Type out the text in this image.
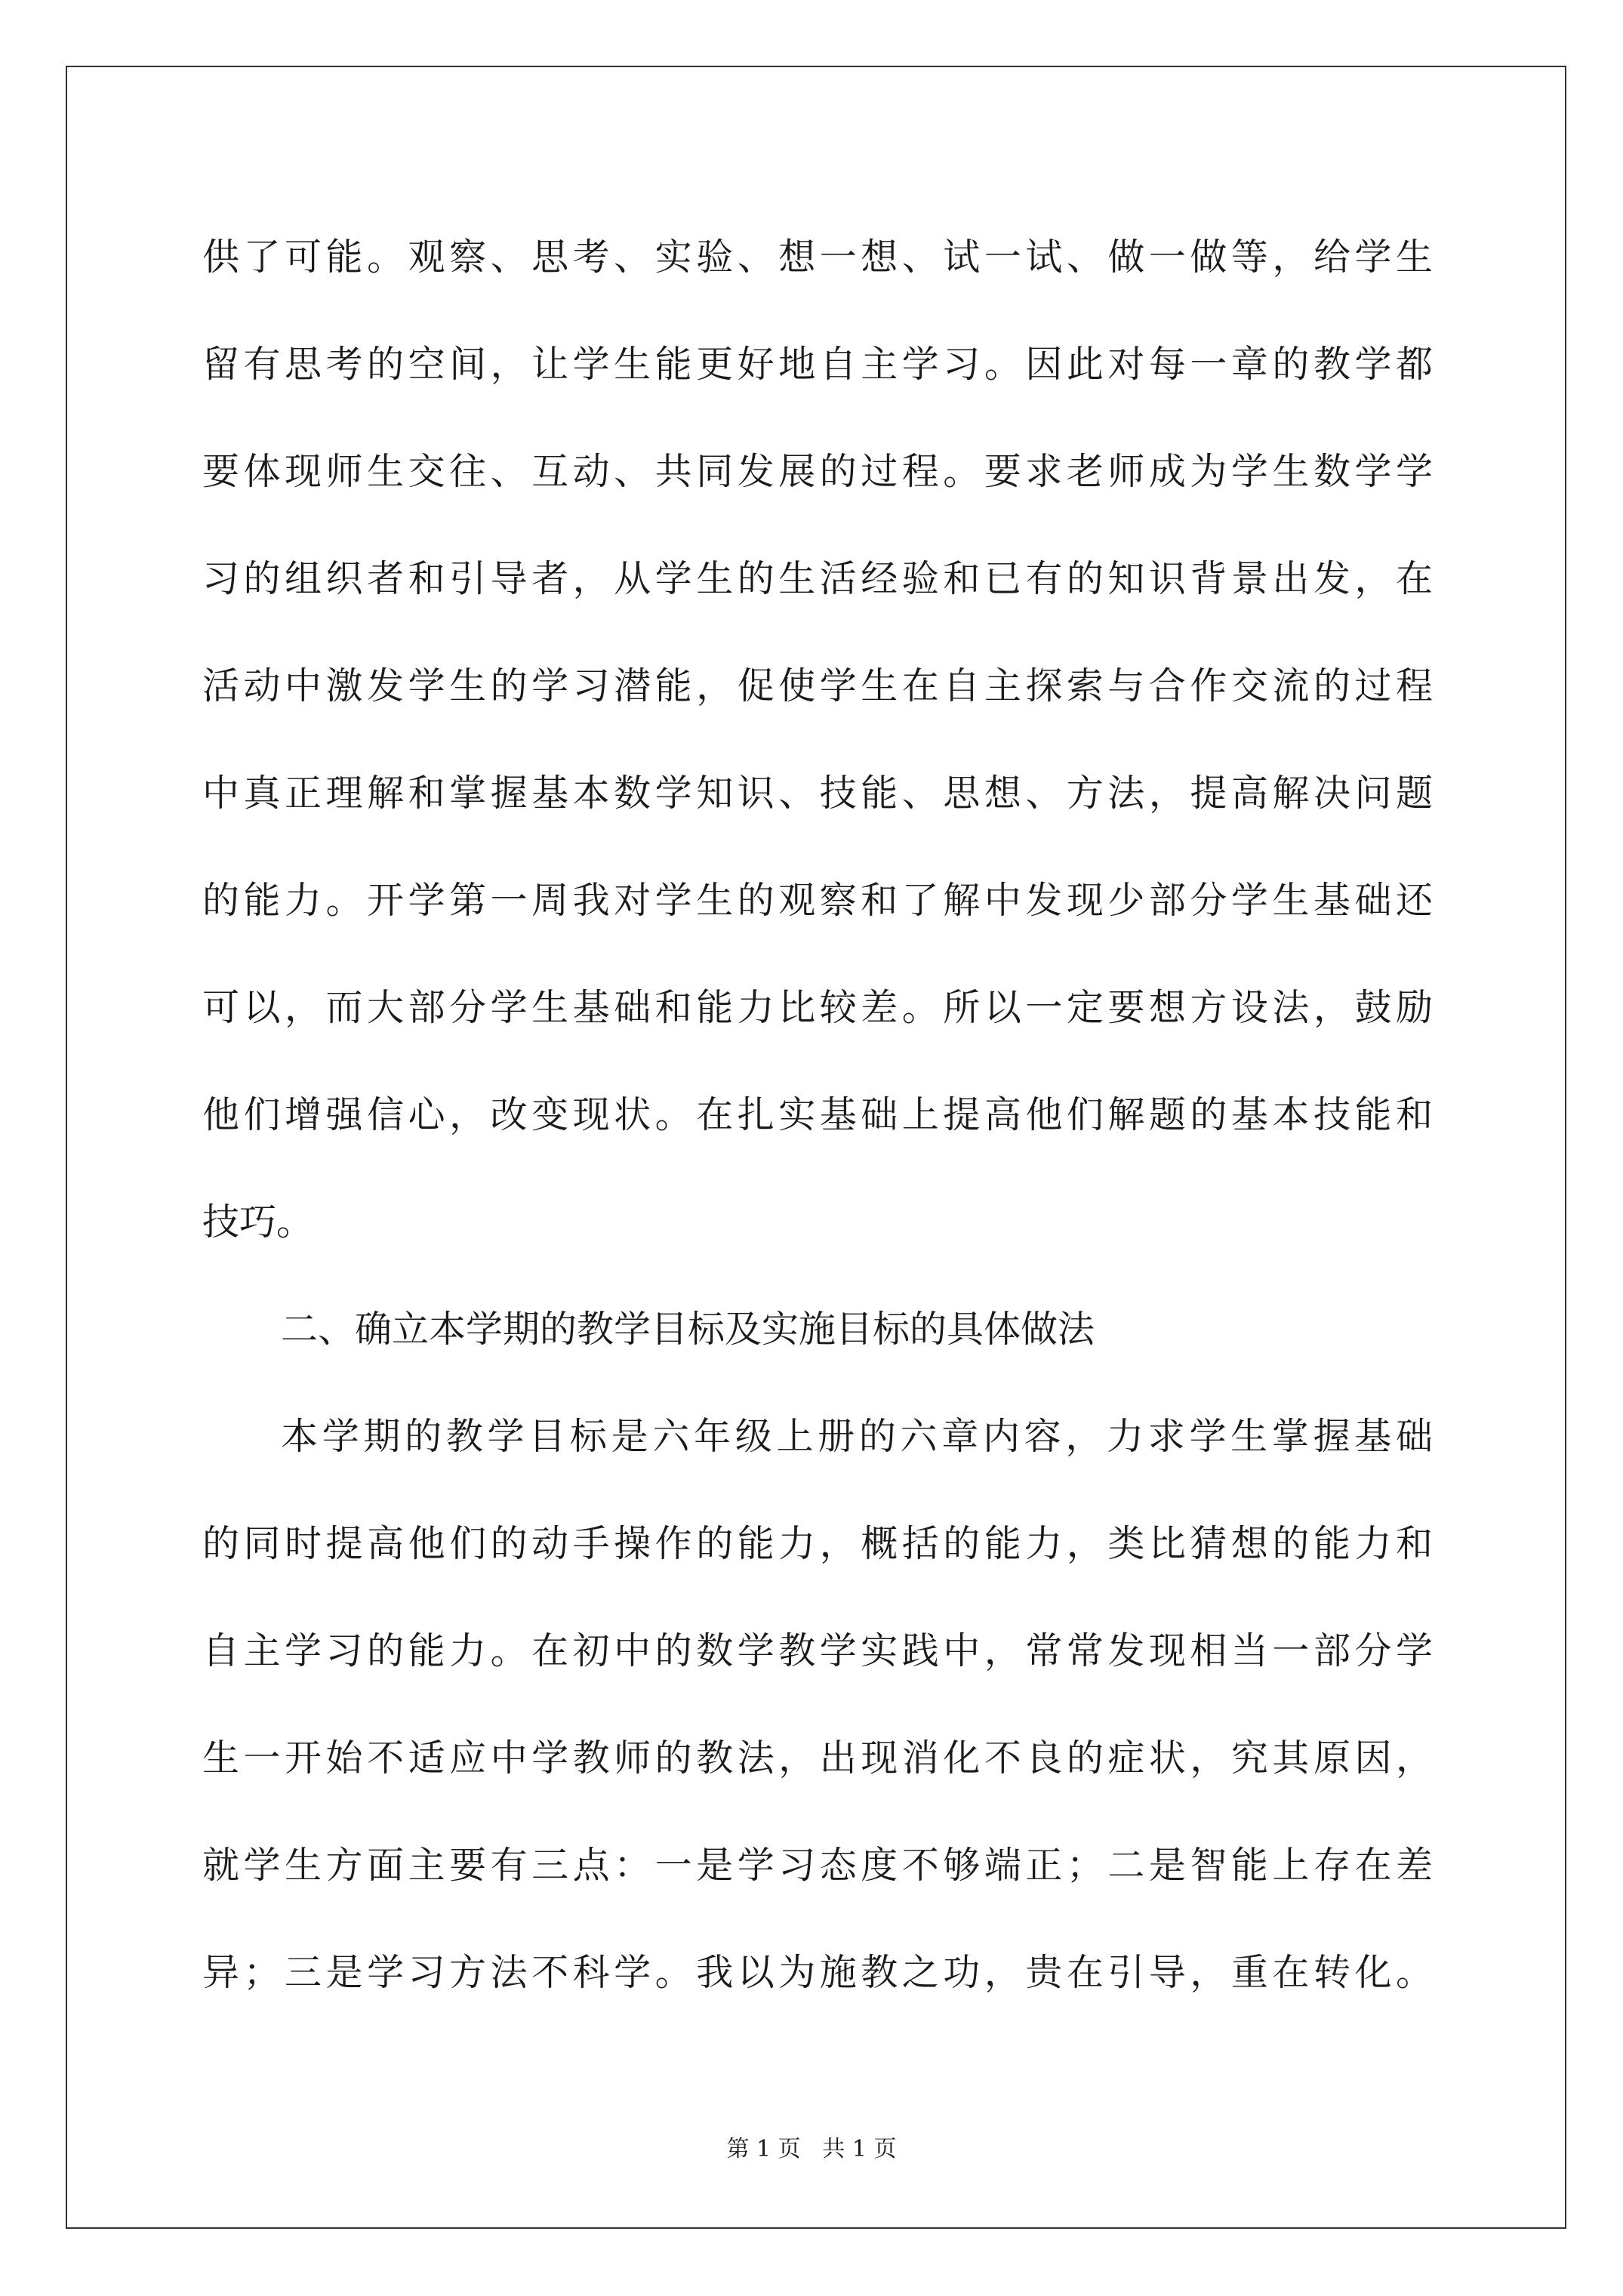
供了可能。观察、思考、实验、想一想、试一试、做一做等，给学生
留有思考的空间，让学生能更好地自主学习。因此对每一章的教学都
要体现师生交往、互动、共同发展的过程。要求老师成为学生数学学
习的组织者和引导者，从学生的生活经验和已有的知识背景出发，在
活动中激发学生的学习潜能，促使学生在自主探索与合作交流的过程
中真正理解和掌握基本数学知识、技能、思想、方法，提高解决问题
的能力。开学第一周我对学生的观察和了解中发现少部分学生基础还
可以，而大部分学生基础和能力比较差。所以一定要想方设法，鼓励
他们增强信心，改变现状。在扎实基础上提高他们解题的基本技能和
技巧。
二、确立本学期的教学目标及实施目标的具体做法
本学期的教学目标是六年级上册的六章内容，力求学生掌握基础
的同时提高他们的动手操作的能力，概括的能力，类比猜想的能力和
自主学习的能力。在初中的数学教学实践中，常常发现相当一部分学
生一开始不适应中学教师的教法，出现消化不良的症状，究其原因，
就学生方面主要有三点：一是学习态度不够端正；二是智能上存在差
异；三是学习方法不科学。我以为施教之功，贵在引导，重在转化。
第 1 页 共 1 页
